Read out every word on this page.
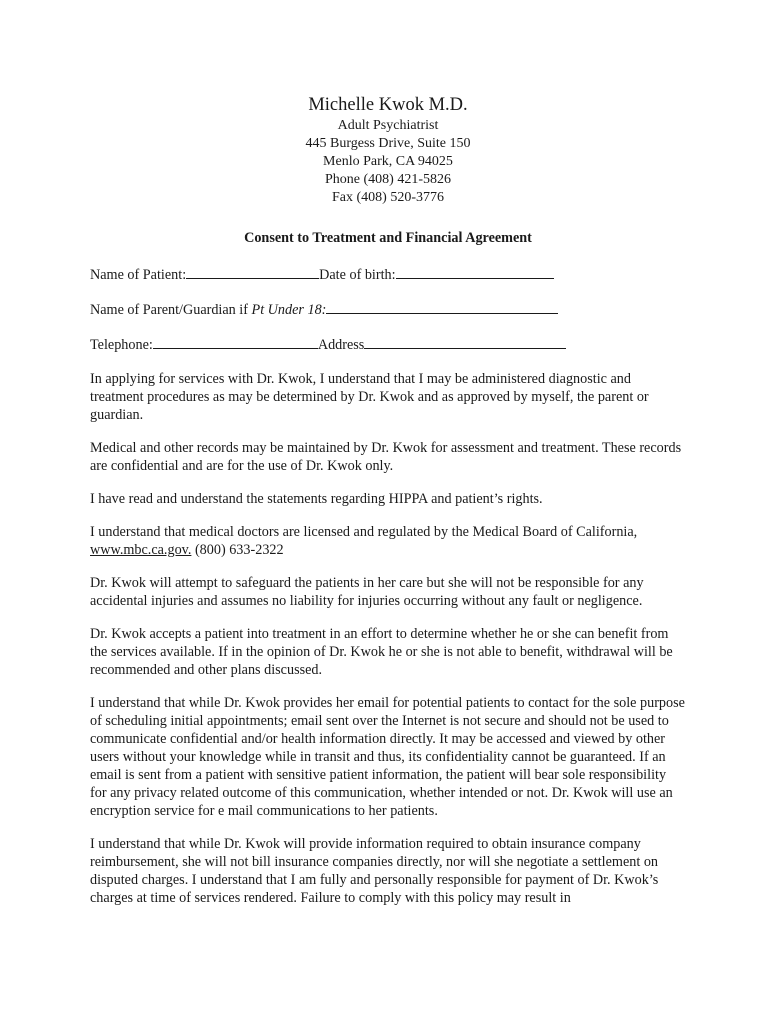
Michelle Kwok M.D.
Adult Psychiatrist
445 Burgess Drive, Suite 150
Menlo Park, CA 94025
Phone (408) 421-5826
Fax (408) 520-3776
Consent to Treatment and Financial Agreement
Name of Patient:	Date of birth:
Name of Parent/Guardian if Pt Under 18:
Telephone:	Address

In applying for services with Dr. Kwok, I understand that I may be administered diagnostic and treatment procedures as may be determined by Dr. Kwok and as approved by myself, the parent or guardian.

Medical and other records may be maintained by Dr. Kwok for assessment and treatment. These records are confidential and are for the use of Dr. Kwok only.

I have read and understand the statements regarding HIPPA and patient’s rights.

I understand that medical doctors are licensed and regulated by the Medical Board of California, www.mbc.ca.gov. (800) 633-2322

Dr. Kwok will attempt to safeguard the patients in her care but she will not be responsible for any accidental injuries and assumes no liability for injuries occurring without any fault or negligence.

Dr. Kwok accepts a patient into treatment in an effort to determine whether he or she can benefit from the services available. If in the opinion of Dr. Kwok he or she is not able to benefit, withdrawal will be recommended and other plans discussed.

I understand that while Dr. Kwok provides her email for potential patients to contact for the sole purpose of scheduling initial appointments; email sent over the Internet is not secure and should not be used to communicate confidential and/or health information directly. It may be accessed and viewed by other users without your knowledge while in transit and thus, its confidentiality cannot be guaranteed. If an email is sent from a patient with sensitive patient information, the patient will bear sole responsibility for any privacy related outcome of this communication, whether intended or not. Dr. Kwok will use an encryption service for e mail communications to her patients.

I understand that while Dr. Kwok will provide information required to obtain insurance company reimbursement, she will not bill insurance companies directly, nor will she negotiate a settlement on disputed charges. I understand that I am fully and personally responsible for payment of Dr. Kwok’s charges at time of services rendered. Failure to comply with this policy may result in
